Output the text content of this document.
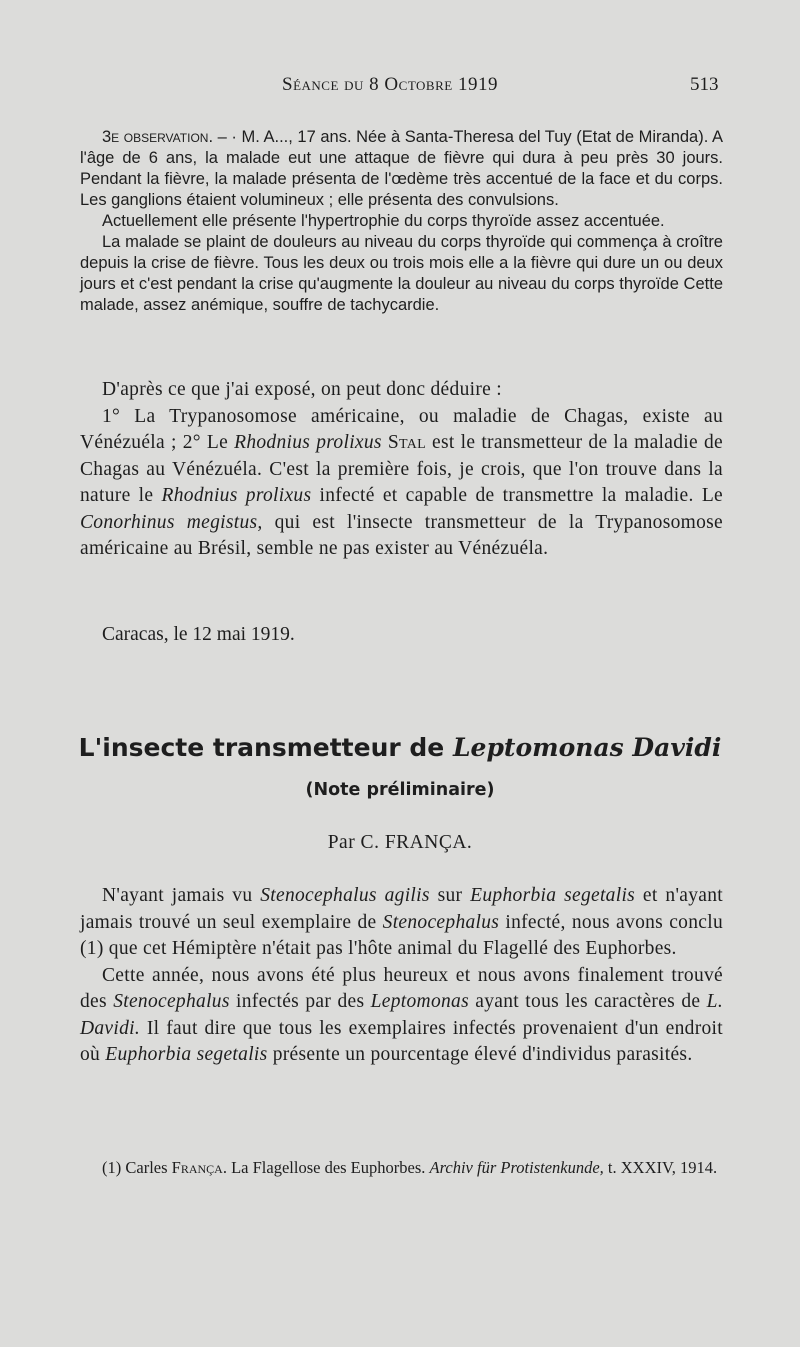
Séance du 8 Octobre 1919	513

3e observation. – · M. A..., 17 ans. Née à Santa-Theresa del Tuy (Etat de Miranda). A l'âge de 6 ans, la malade eut une attaque de fièvre qui dura à peu près 30 jours. Pendant la fièvre, la malade présenta de l'œdème très accentué de la face et du corps. Les ganglions étaient volumineux ; elle présenta des convulsions.

Actuellement elle présente l'hypertrophie du corps thyroïde assez accentuée.

La malade se plaint de douleurs au niveau du corps thyroïde qui commença à croître depuis la crise de fièvre. Tous les deux ou trois mois elle a la fièvre qui dure un ou deux jours et c'est pendant la crise qu'augmente la douleur au niveau du corps thyroïde Cette malade, assez anémique, souffre de tachycardie.

D'après ce que j'ai exposé, on peut donc déduire :

1° La Trypanosomose américaine, ou maladie de Chagas, existe au Vénézuéla ; 2° Le Rhodnius prolixus Stal est le transmetteur de la maladie de Chagas au Vénézuéla. C'est la première fois, je crois, que l'on trouve dans la nature le Rhodnius prolixus infecté et capable de transmettre la maladie. Le Conorhinus megistus, qui est l'insecte transmetteur de la Trypanosomose américaine au Brésil, semble ne pas exister au Vénézuéla.

Caracas, le 12 mai 1919.
L'insecte transmetteur de Leptomonas Davidi
(Note préliminaire)
Par C. FRANÇA.

N'ayant jamais vu Stenocephalus agilis sur Euphorbia segetalis et n'ayant jamais trouvé un seul exemplaire de Stenocephalus infecté, nous avons conclu (1) que cet Hémiptère n'était pas l'hôte animal du Flagellé des Euphorbes.

Cette année, nous avons été plus heureux et nous avons finalement trouvé des Stenocephalus infectés par des Leptomonas ayant tous les caractères de L. Davidi. Il faut dire que tous les exemplaires infectés provenaient d'un endroit où Euphorbia segetalis présente un pourcentage élevé d'individus parasités.

(1) Carles França. La Flagellose des Euphorbes. Archiv für Protistenkunde, t. XXXIV, 1914.
